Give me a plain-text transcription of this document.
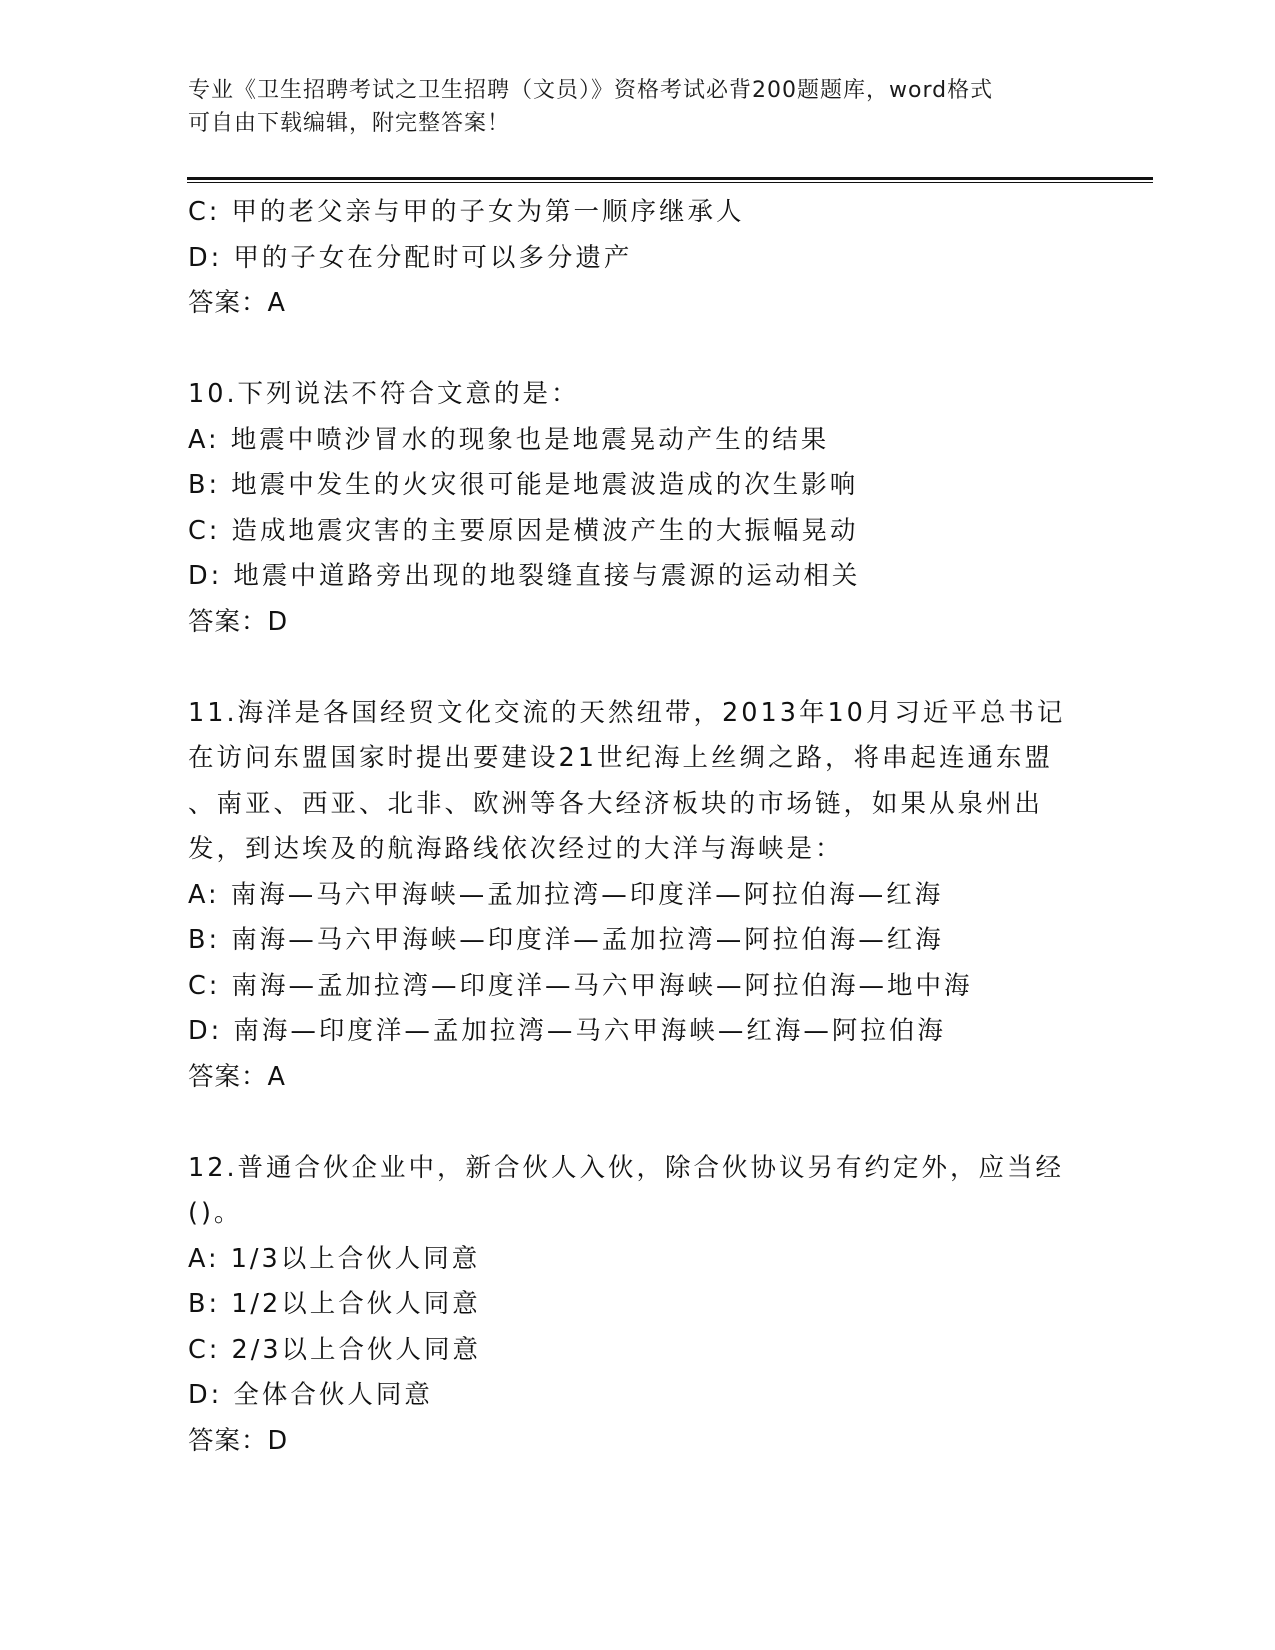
专业《卫生招聘考试之卫生招聘（文员）》资格考试必背200题题库，word格式
可自由下载编辑，附完整答案！
C: 甲的老父亲与甲的子女为第一顺序继承人
D: 甲的子女在分配时可以多分遗产
答案：A
10.下列说法不符合文意的是：
A: 地震中喷沙冒水的现象也是地震晃动产生的结果
B: 地震中发生的火灾很可能是地震波造成的次生影响
C: 造成地震灾害的主要原因是横波产生的大振幅晃动
D: 地震中道路旁出现的地裂缝直接与震源的运动相关
答案：D
11.海洋是各国经贸文化交流的天然纽带，2013年10月习近平总书记
在访问东盟国家时提出要建设21世纪海上丝绸之路，将串起连通东盟
、南亚、西亚、北非、欧洲等各大经济板块的市场链，如果从泉州出
发，到达埃及的航海路线依次经过的大洋与海峡是：
A: 南海—马六甲海峡—孟加拉湾—印度洋—阿拉伯海—红海
B: 南海—马六甲海峡—印度洋—孟加拉湾—阿拉伯海—红海
C: 南海—孟加拉湾—印度洋—马六甲海峡—阿拉伯海—地中海
D: 南海—印度洋—孟加拉湾—马六甲海峡—红海—阿拉伯海
答案：A
12.普通合伙企业中，新合伙人入伙，除合伙协议另有约定外，应当经
()。
A: 1/3以上合伙人同意
B: 1/2以上合伙人同意
C: 2/3以上合伙人同意
D: 全体合伙人同意
答案：D
